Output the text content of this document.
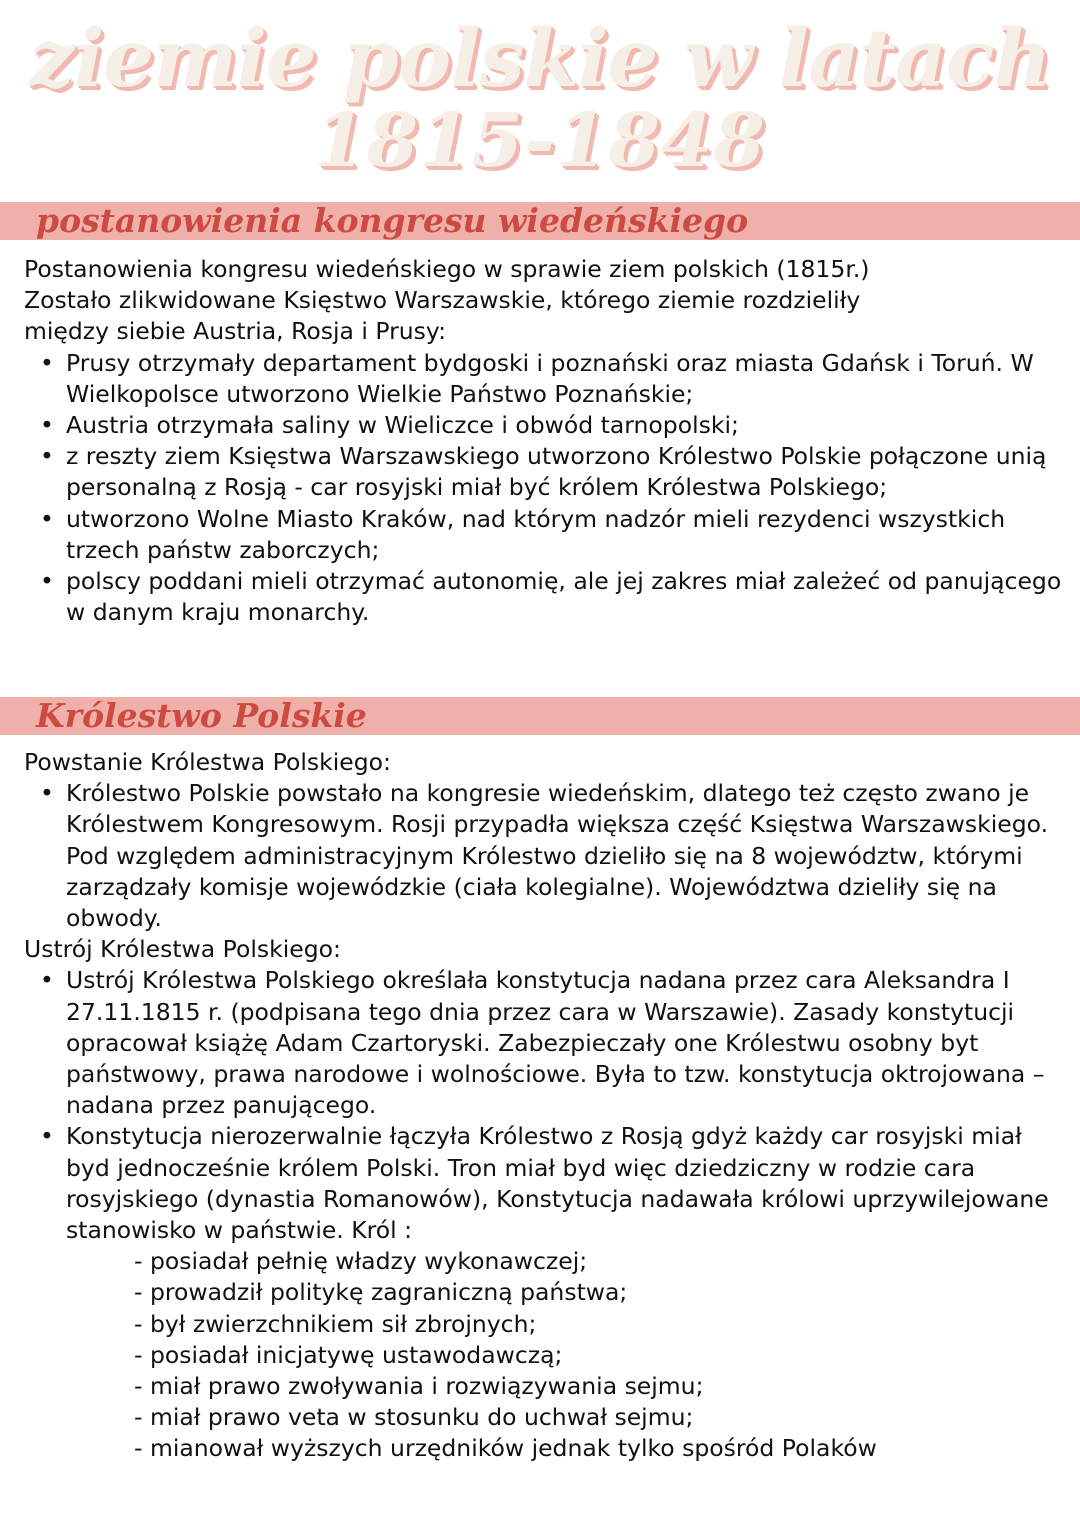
ziemie polskie w latach
1815-1848
postanowienia kongresu wiedeńskiego

Postanowienia kongresu wiedeńskiego w sprawie ziem polskich (1815r.)

Zostało zlikwidowane Księstwo Warszawskie, którego ziemie rozdzieliły

między siebie Austria, Rosja i Prusy:

• Prusy otrzymały departament bydgoski i poznański oraz miasta Gdańsk i Toruń. W Wielkopolsce utworzono Wielkie Państwo Poznańskie;
• Austria otrzymała saliny w Wieliczce i obwód tarnopolski;
• z reszty ziem Księstwa Warszawskiego utworzono Królestwo Polskie połączone unią personalną z Rosją - car rosyjski miał być królem Królestwa Polskiego;
• utworzono Wolne Miasto Kraków, nad którym nadzór mieli rezydenci wszystkich trzech państw zaborczych;
• polscy poddani mieli otrzymać autonomię, ale jej zakres miał zależeć od panującego w danym kraju monarchy.
Królestwo Polskie

Powstanie Królestwa Polskiego:

• Królestwo Polskie powstało na kongresie wiedeńskim, dlatego też często zwano je Królestwem Kongresowym. Rosji przypadła większa część Księstwa Warszawskiego. Pod względem administracyjnym Królestwo dzieliło się na 8 województw, którymi zarządzały komisje wojewódzkie (ciała kolegialne). Województwa dzieliły się na obwody.

Ustrój Królestwa Polskiego:

• Ustrój Królestwa Polskiego określała konstytucja nadana przez cara Aleksandra I 27.11.1815 r. (podpisana tego dnia przez cara w Warszawie). Zasady konstytucji opracował książę Adam Czartoryski. Zabezpieczały one Królestwu osobny byt państwowy, prawa narodowe i wolnościowe. Była to tzw. konstytucja oktrojowana – nadana przez panującego.
• Konstytucja nierozerwalnie łączyła Królestwo z Rosją gdyż każdy car rosyjski miał byd jednocześnie królem Polski. Tron miał byd więc dziedziczny w rodzie cara rosyjskiego (dynastia Romanowów), Konstytucja nadawała królowi uprzywilejowane stanowisko w państwie. Król :
- posiadał pełnię władzy wykonawczej;
- prowadził politykę zagraniczną państwa;
- był zwierzchnikiem sił zbrojnych;
- posiadał inicjatywę ustawodawczą;
- miał prawo zwoływania i rozwiązywania sejmu;
- miał prawo veta w stosunku do uchwał sejmu;
- mianował wyższych urzędników jednak tylko spośród Polaków
